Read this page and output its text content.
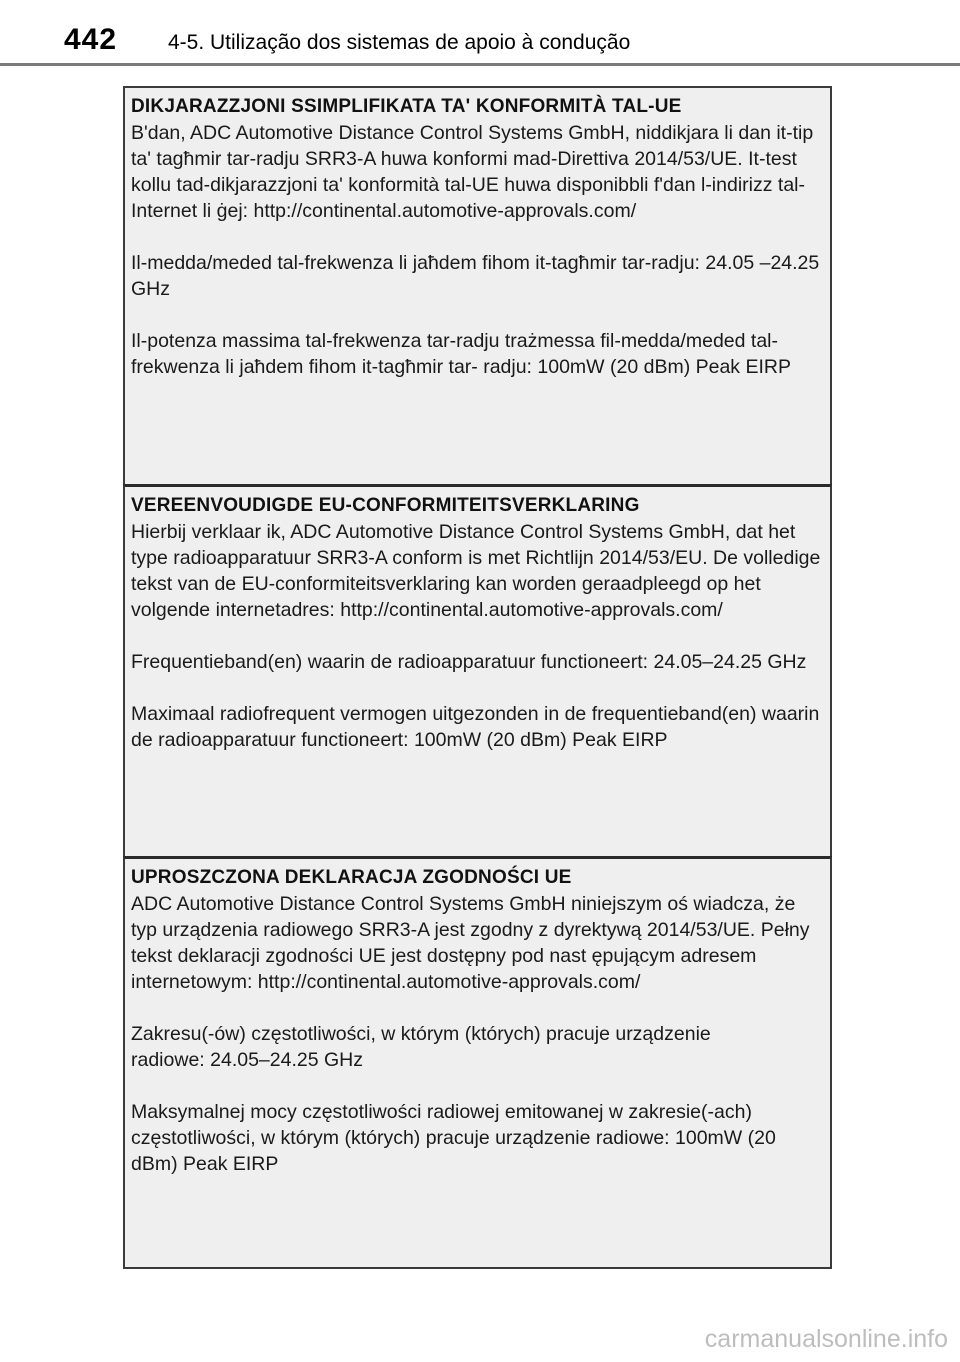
442 4-5. Utilização dos sistemas de apoio à condução
DIKJARAZZJONI SSIMPLIFIKATA TA' KONFORMITÀ TAL-UE

B'dan, ADC Automotive Distance Control Systems GmbH, niddikjara li dan it-tip ta' tagħmir tar-radju SRR3-A huwa konformi mad-Direttiva 2014/53/UE. It-test kollu tad-dikjarazzjoni ta' konformità tal-UE huwa disponibbli f'dan l-indirizz tal-Internet li ġej: http://continental.automotive-approvals.com/

Il-medda/meded tal-frekwenza li jaħdem fihom it-tagħmir tar-radju: 24.05 –24.25 GHz

Il-potenza massima tal-frekwenza tar-radju trażmessa fil-medda/meded tal-frekwenza li jaħdem fihom it-tagħmir tar- radju: 100mW (20 dBm) Peak EIRP

VEREENVOUDIGDE EU-CONFORMITEITSVERKLARING

Hierbij verklaar ik, ADC Automotive Distance Control Systems GmbH, dat het type radioapparatuur SRR3-A conform is met Richtlijn 2014/53/EU. De volledige tekst van de EU-conformiteitsverklaring kan worden geraadpleegd op het volgende internetadres: http://continental.automotive-approvals.com/

Frequentieband(en) waarin de radioapparatuur functioneert: 24.05–24.25 GHz

Maximaal radiofrequent vermogen uitgezonden in de frequentieband(en) waarin de radioapparatuur functioneert: 100mW (20 dBm) Peak EIRP

UPROSZCZONA DEKLARACJA ZGODNOŚCI UE

ADC Automotive Distance Control Systems GmbH niniejszym oś wiadcza, że typ urządzenia radiowego SRR3-A jest zgodny z dyrektywą 2014/53/UE. Pełny tekst deklaracji zgodności UE jest dostępny pod nast ępującym adresem internetowym: http://continental.automotive-approvals.com/

Zakresu(-ów) częstotliwości, w którym (których) pracuje urządzenie radiowe: 24.05–24.25 GHz

Maksymalnej mocy częstotliwości radiowej emitowanej w zakresie(-ach) częstotliwości, w którym (których) pracuje urządzenie radiowe: 100mW (20 dBm) Peak EIRP

carmanualsonline.info
